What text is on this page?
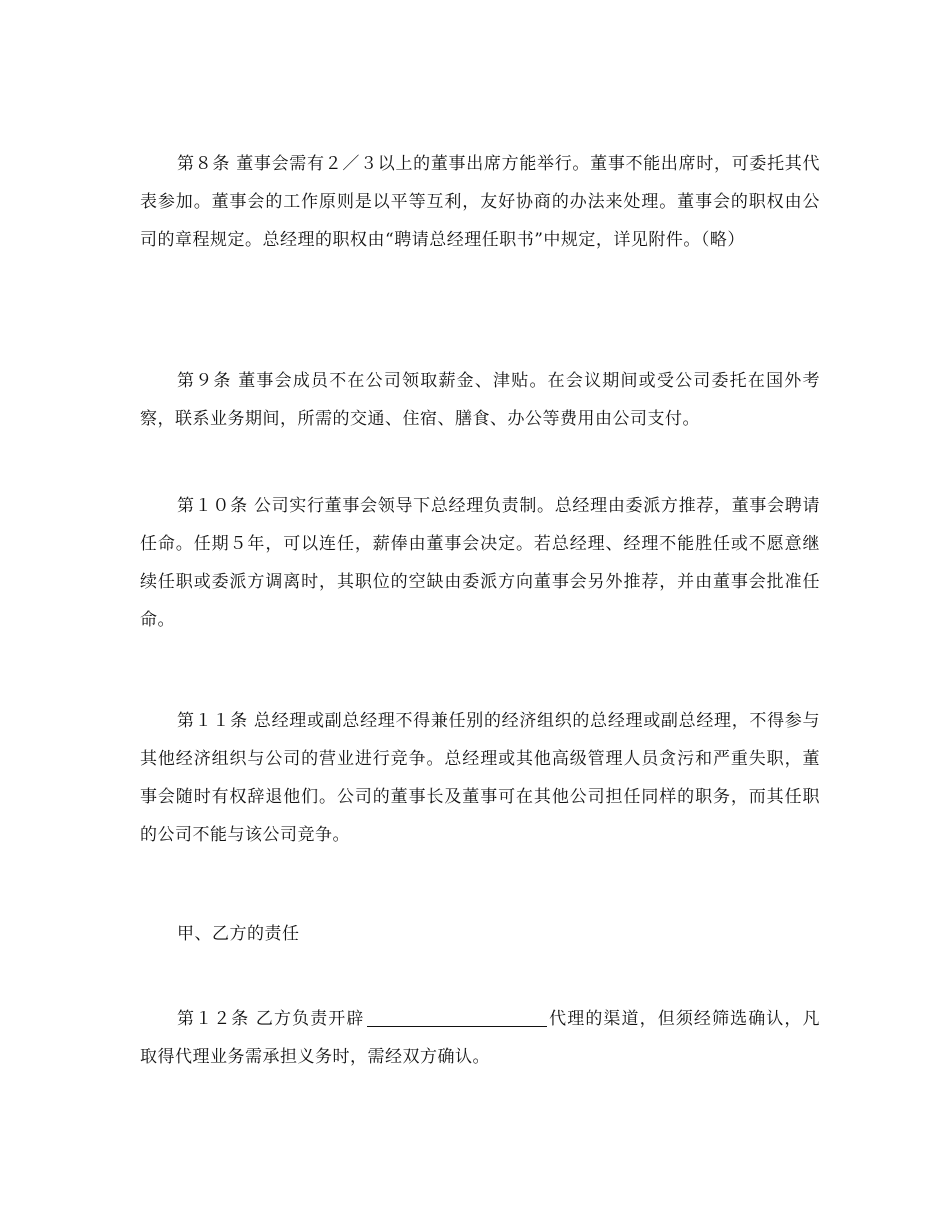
第８条 董事会需有２／３以上的董事出席方能举行。董事不能出席时，可委托其代表参加。董事会的工作原则是以平等互利，友好协商的办法来处理。董事会的职权由公司的章程规定。总经理的职权由“聘请总经理任职书”中规定，详见附件。（略）

第９条 董事会成员不在公司领取薪金、津贴。在会议期间或受公司委托在国外考察，联系业务期间，所需的交通、住宿、膳食、办公等费用由公司支付。

第１０条 公司实行董事会领导下总经理负责制。总经理由委派方推荐，董事会聘请任命。任期５年，可以连任，薪俸由董事会决定。若总经理、经理不能胜任或不愿意继续任职或委派方调离时，其职位的空缺由委派方向董事会另外推荐，并由董事会批准任命。

第１１条 总经理或副总经理不得兼任别的经济组织的总经理或副总经理，不得参与其他经济组织与公司的营业进行竞争。总经理或其他高级管理人员贪污和严重失职，董事会随时有权辞退他们。公司的董事长及董事可在其他公司担任同样的职务，而其任职的公司不能与该公司竞争。

甲、乙方的责任

第１２条 乙方负责开辟	代理的渠道，但须经筛选确认，凡取得代理业务需承担义务时，需经双方确认。
